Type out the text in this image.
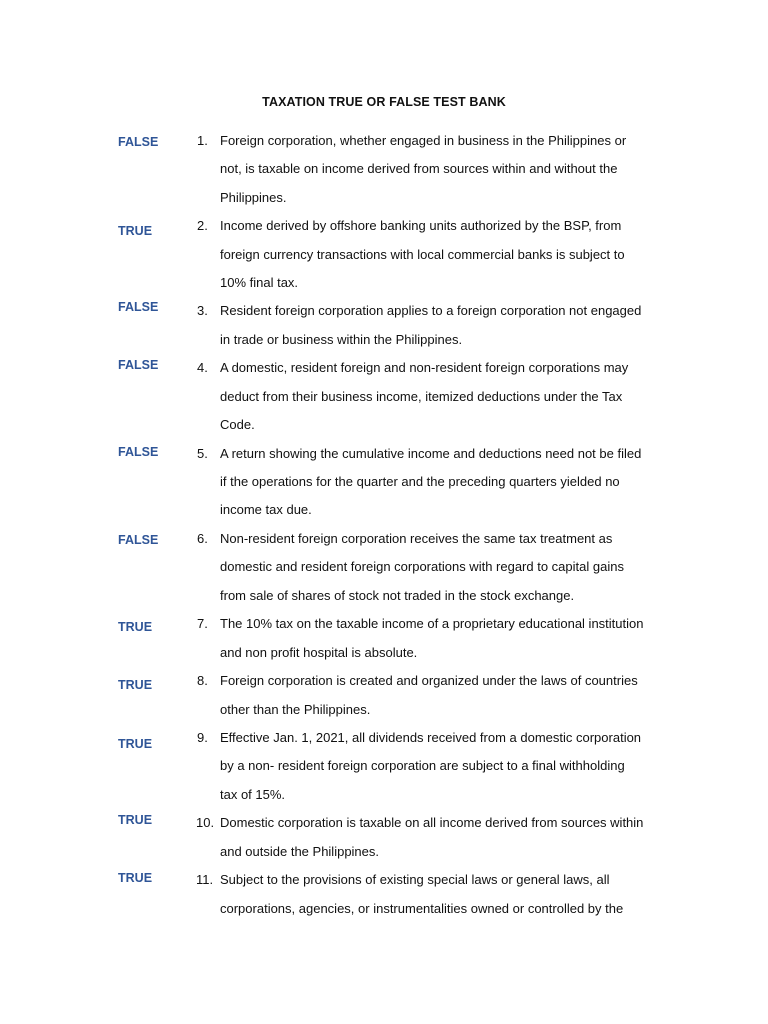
TAXATION TRUE OR FALSE TEST BANK
FALSE
TRUE
FALSE
FALSE
FALSE
FALSE
TRUE
TRUE
TRUE
TRUE
TRUE
1. Foreign corporation, whether engaged in business in the Philippines or
not, is taxable on income derived from sources within and without the
Philippines.
2. Income derived by offshore banking units authorized by the BSP, from
foreign currency transactions with local commercial banks is subject to
10% final tax.
3. Resident foreign corporation applies to a foreign corporation not engaged
in trade or business within the Philippines.
4. A domestic, resident foreign and non-resident foreign corporations may
deduct from their business income, itemized deductions under the Tax
Code.
5. A return showing the cumulative income and deductions need not be filed
if the operations for the quarter and the preceding quarters yielded no
income tax due.
6. Non-resident foreign corporation receives the same tax treatment as
domestic and resident foreign corporations with regard to capital gains
from sale of shares of stock not traded in the stock exchange.
7. The 10% tax on the taxable income of a proprietary educational institution
and non profit hospital is absolute.
8. Foreign corporation is created and organized under the laws of countries
other than the Philippines.
9. Effective Jan. 1, 2021, all dividends received from a domestic corporation
by a non- resident foreign corporation are subject to a final withholding
tax of 15%.
10. Domestic corporation is taxable on all income derived from sources within
and outside the Philippines.
11. Subject to the provisions of existing special laws or general laws, all
corporations, agencies, or instrumentalities owned or controlled by the
